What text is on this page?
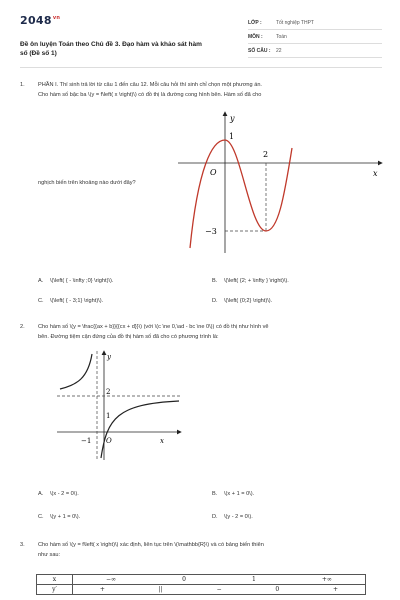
$2048^{vn}$
Đề ôn luyện Toán theo Chủ đề 3. Đạo hàm và khảo sát hàm
số (Đề số 1)
LỚP :	Tốt nghiệp THPT
MÔN :	Toán
SỐ CÂU :	22
1. PHẦN I. Thí sinh trả lời từ câu 1 đến câu 12. Mỗi câu hỏi thí sinh chỉ chọn một phương án.
Cho hàm số bậc ba \(y = f\left( x \right)\) có đồ thị là đường cong hình bên. Hàm số đã cho
nghịch biến trên khoảng nào dưới đây?
y
x
O
1
2
−3
A. \(\left( { - \infty ;0} \right)\).	B. \(\left( {2; + \infty } \right)\).
C. \(\left( { - 3;1} \right)\).	D. \(\left( {0;2} \right)\).
2. Cho hàm số \(y = \frac{{ax + b}}{{cx + d}}\) (với \(c \ne 0,\ad - bc \ne 0\)) có đồ thị như hình vẽ
bên. Đường tiệm cận đứng của đồ thị hàm số đã cho có phương trình là:
y
x
O
2
1
−1
A. \(x - 2 = 0\).	B. \(x + 1 = 0\).
C. \(y + 1 = 0\).	D. \(y - 2 = 0\).
3. Cho hàm số \(y = f\left( x \right)\) xác định, liên tục trên \(\mathbb{R}\) và có bảng biến thiên
như sau:
x	−∞ 0 1 +∞

y′	+ || − 0 +
